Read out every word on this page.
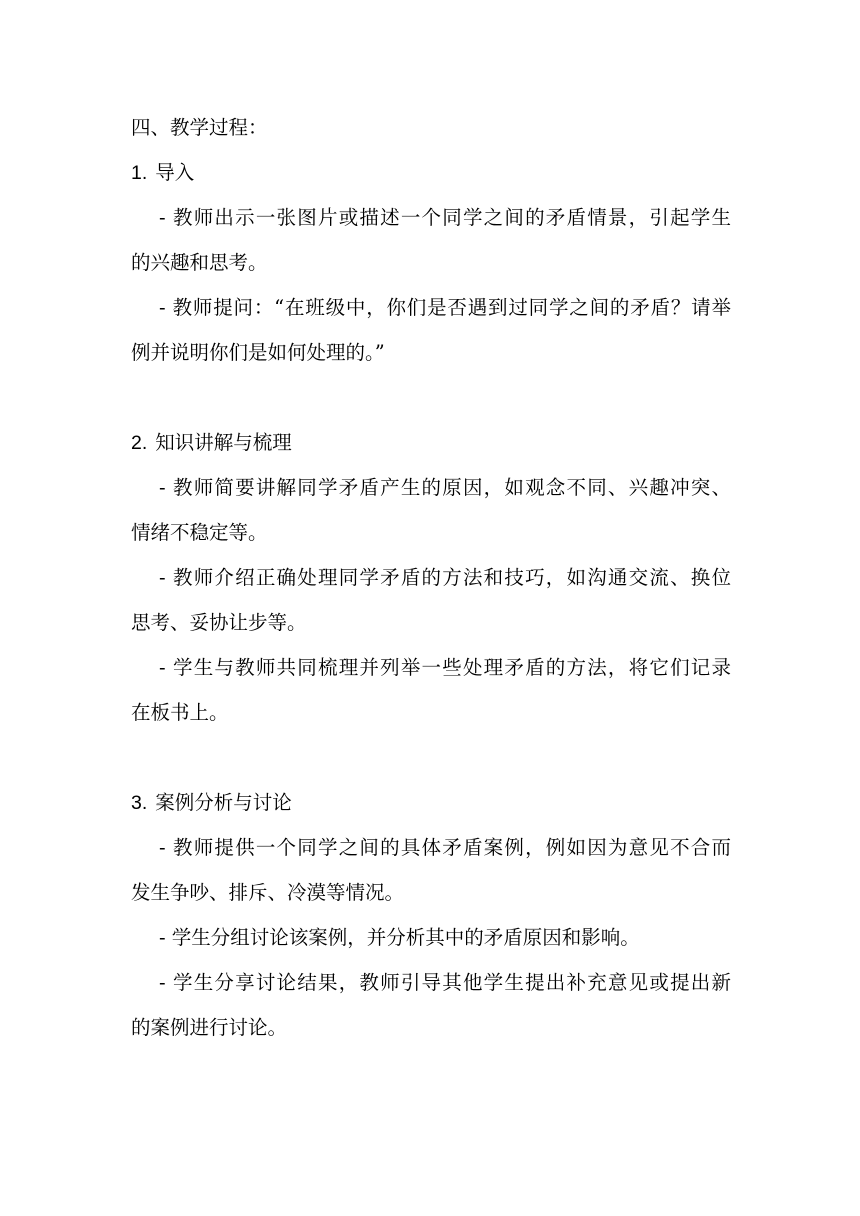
四、教学过程：
1. 导入
- 教师出示一张图片或描述一个同学之间的矛盾情景，引起学生
的兴趣和思考。
- 教师提问：“在班级中，你们是否遇到过同学之间的矛盾？请举
例并说明你们是如何处理的。”
2. 知识讲解与梳理
- 教师简要讲解同学矛盾产生的原因，如观念不同、兴趣冲突、
情绪不稳定等。
- 教师介绍正确处理同学矛盾的方法和技巧，如沟通交流、换位
思考、妥协让步等。
- 学生与教师共同梳理并列举一些处理矛盾的方法，将它们记录
在板书上。
3. 案例分析与讨论
- 教师提供一个同学之间的具体矛盾案例，例如因为意见不合而
发生争吵、排斥、冷漠等情况。
- 学生分组讨论该案例，并分析其中的矛盾原因和影响。
- 学生分享讨论结果，教师引导其他学生提出补充意见或提出新
的案例进行讨论。
